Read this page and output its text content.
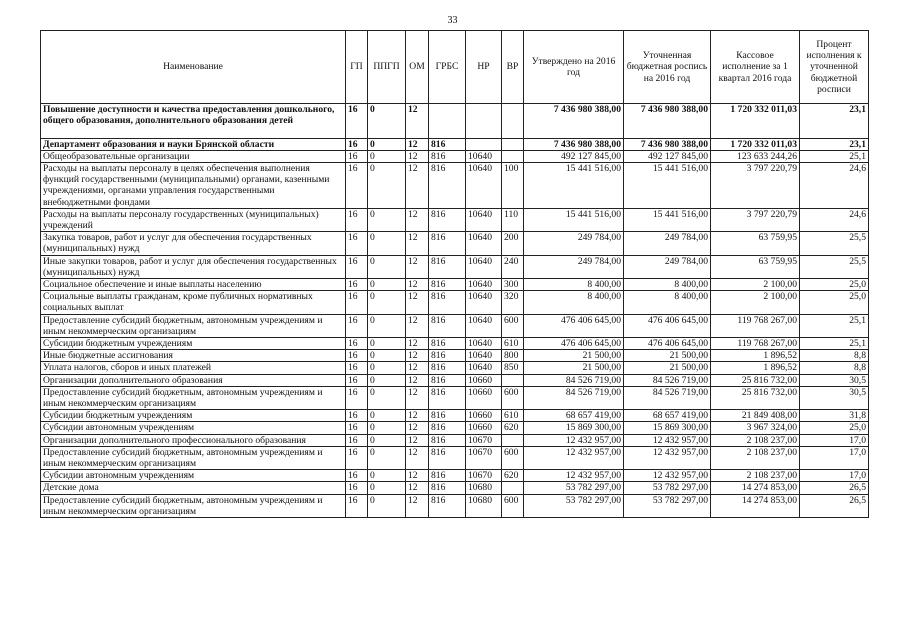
33
Наименование	ГП	ППГП	ОМ	ГРБС	НР	ВР	Утверждено на 2016 год	Уточненная бюджетная роспись на 2016 год	Кассовое исполнение за 1 квартал 2016 года	Процент исполнения к уточненной бюджетной росписи
Повышение доступности и качества предоставления дошкольного, общего образования, дополнительного образования детей	16	0	12				7 436 980 388,00	7 436 980 388,00	1 720 332 011,03	23,1
Департамент образования и науки Брянской области	16	0	12	816			7 436 980 388,00	7 436 980 388,00	1 720 332 011,03	23,1
Общеобразовательные организации	16	0	12	816	10640		492 127 845,00	492 127 845,00	123 633 244,26	25,1
Расходы на выплаты персоналу в целях обеспечения выполнения функций государственными (муниципальными) органами, казенными учреждениями, органами управления государственными внебюджетными фондами	16	0	12	816	10640	100	15 441 516,00	15 441 516,00	3 797 220,79	24,6
Расходы на выплаты персоналу государственных (муниципальных) учреждений	16	0	12	816	10640	110	15 441 516,00	15 441 516,00	3 797 220,79	24,6
Закупка товаров, работ и услуг для обеспечения государственных (муниципальных) нужд	16	0	12	816	10640	200	249 784,00	249 784,00	63 759,95	25,5
Иные закупки товаров, работ и услуг для обеспечения государственных (муниципальных) нужд	16	0	12	816	10640	240	249 784,00	249 784,00	63 759,95	25,5
Социальное обеспечение и иные выплаты населению	16	0	12	816	10640	300	8 400,00	8 400,00	2 100,00	25,0
Социальные выплаты гражданам, кроме публичных нормативных социальных выплат	16	0	12	816	10640	320	8 400,00	8 400,00	2 100,00	25,0
Предоставление субсидий бюджетным, автономным учреждениям и иным некоммерческим организациям	16	0	12	816	10640	600	476 406 645,00	476 406 645,00	119 768 267,00	25,1
Субсидии бюджетным учреждениям	16	0	12	816	10640	610	476 406 645,00	476 406 645,00	119 768 267,00	25,1
Иные бюджетные ассигнования	16	0	12	816	10640	800	21 500,00	21 500,00	1 896,52	8,8
Уплата налогов, сборов и иных платежей	16	0	12	816	10640	850	21 500,00	21 500,00	1 896,52	8,8
Организации дополнительного образования	16	0	12	816	10660		84 526 719,00	84 526 719,00	25 816 732,00	30,5
Предоставление субсидий бюджетным, автономным учреждениям и иным некоммерческим организациям	16	0	12	816	10660	600	84 526 719,00	84 526 719,00	25 816 732,00	30,5
Субсидии бюджетным учреждениям	16	0	12	816	10660	610	68 657 419,00	68 657 419,00	21 849 408,00	31,8
Субсидии автономным учреждениям	16	0	12	816	10660	620	15 869 300,00	15 869 300,00	3 967 324,00	25,0
Организации дополнительного профессионального образования	16	0	12	816	10670		12 432 957,00	12 432 957,00	2 108 237,00	17,0
Предоставление субсидий бюджетным, автономным учреждениям и иным некоммерческим организациям	16	0	12	816	10670	600	12 432 957,00	12 432 957,00	2 108 237,00	17,0
Субсидии автономным учреждениям	16	0	12	816	10670	620	12 432 957,00	12 432 957,00	2 108 237,00	17,0
Детские дома	16	0	12	816	10680		53 782 297,00	53 782 297,00	14 274 853,00	26,5
Предоставление субсидий бюджетным, автономным учреждениям и иным некоммерческим организациям	16	0	12	816	10680	600	53 782 297,00	53 782 297,00	14 274 853,00	26,5
